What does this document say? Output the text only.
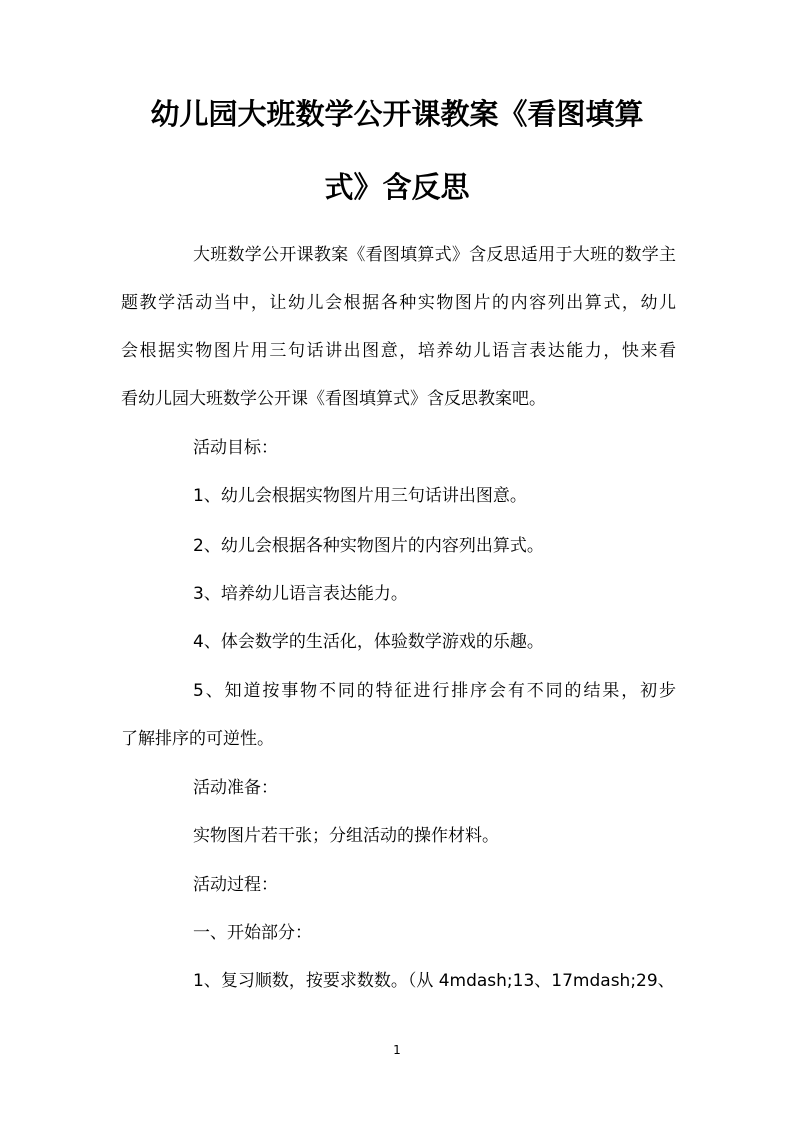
幼儿园大班数学公开课教案《看图填算
式》含反思
大班数学公开课教案《看图填算式》含反思适用于大班的数学主
题教学活动当中，让幼儿会根据各种实物图片的内容列出算式，幼儿
会根据实物图片用三句话讲出图意，培养幼儿语言表达能力，快来看
看幼儿园大班数学公开课《看图填算式》含反思教案吧。
活动目标：
1、幼儿会根据实物图片用三句话讲出图意。
2、幼儿会根据各种实物图片的内容列出算式。
3、培养幼儿语言表达能力。
4、体会数学的生活化，体验数学游戏的乐趣。
5、知道按事物不同的特征进行排序会有不同的结果，初步
了解排序的可逆性。
活动准备：
实物图片若干张；分组活动的操作材料。
活动过程：
一、开始部分：
1、复习顺数，按要求数数。（从 4mdash;13、17mdash;29、
1
